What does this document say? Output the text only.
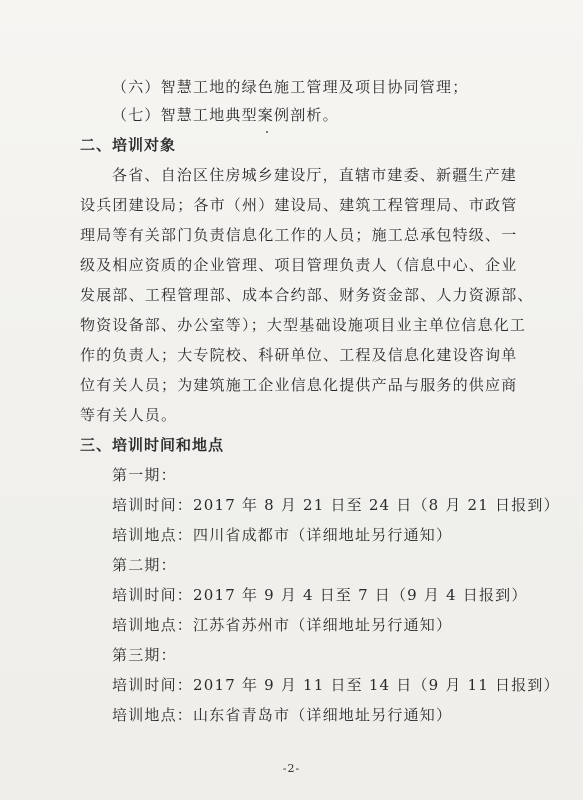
（六）智慧工地的绿色施工管理及项目协同管理；
（七）智慧工地典型案例剖析。
二、培训对象
各省、自治区住房城乡建设厅，直辖市建委、新疆生产建
设兵团建设局；各市（州）建设局、建筑工程管理局、市政管
理局等有关部门负责信息化工作的人员；施工总承包特级、一
级及相应资质的企业管理、项目管理负责人（信息中心、企业
发展部、工程管理部、成本合约部、财务资金部、人力资源部、
物资设备部、办公室等）；大型基础设施项目业主单位信息化工
作的负责人；大专院校、科研单位、工程及信息化建设咨询单
位有关人员；为建筑施工企业信息化提供产品与服务的供应商
等有关人员。
三、培训时间和地点
第一期：
培训时间：2017 年 8 月 21 日至 24 日（8 月 21 日报到）
培训地点：四川省成都市（详细地址另行通知）
第二期：
培训时间：2017 年 9 月 4 日至 7 日（9 月 4 日报到）
培训地点：江苏省苏州市（详细地址另行通知）
第三期：
培训时间：2017 年 9 月 11 日至 14 日（9 月 11 日报到）
培训地点：山东省青岛市（详细地址另行通知）
-2-
